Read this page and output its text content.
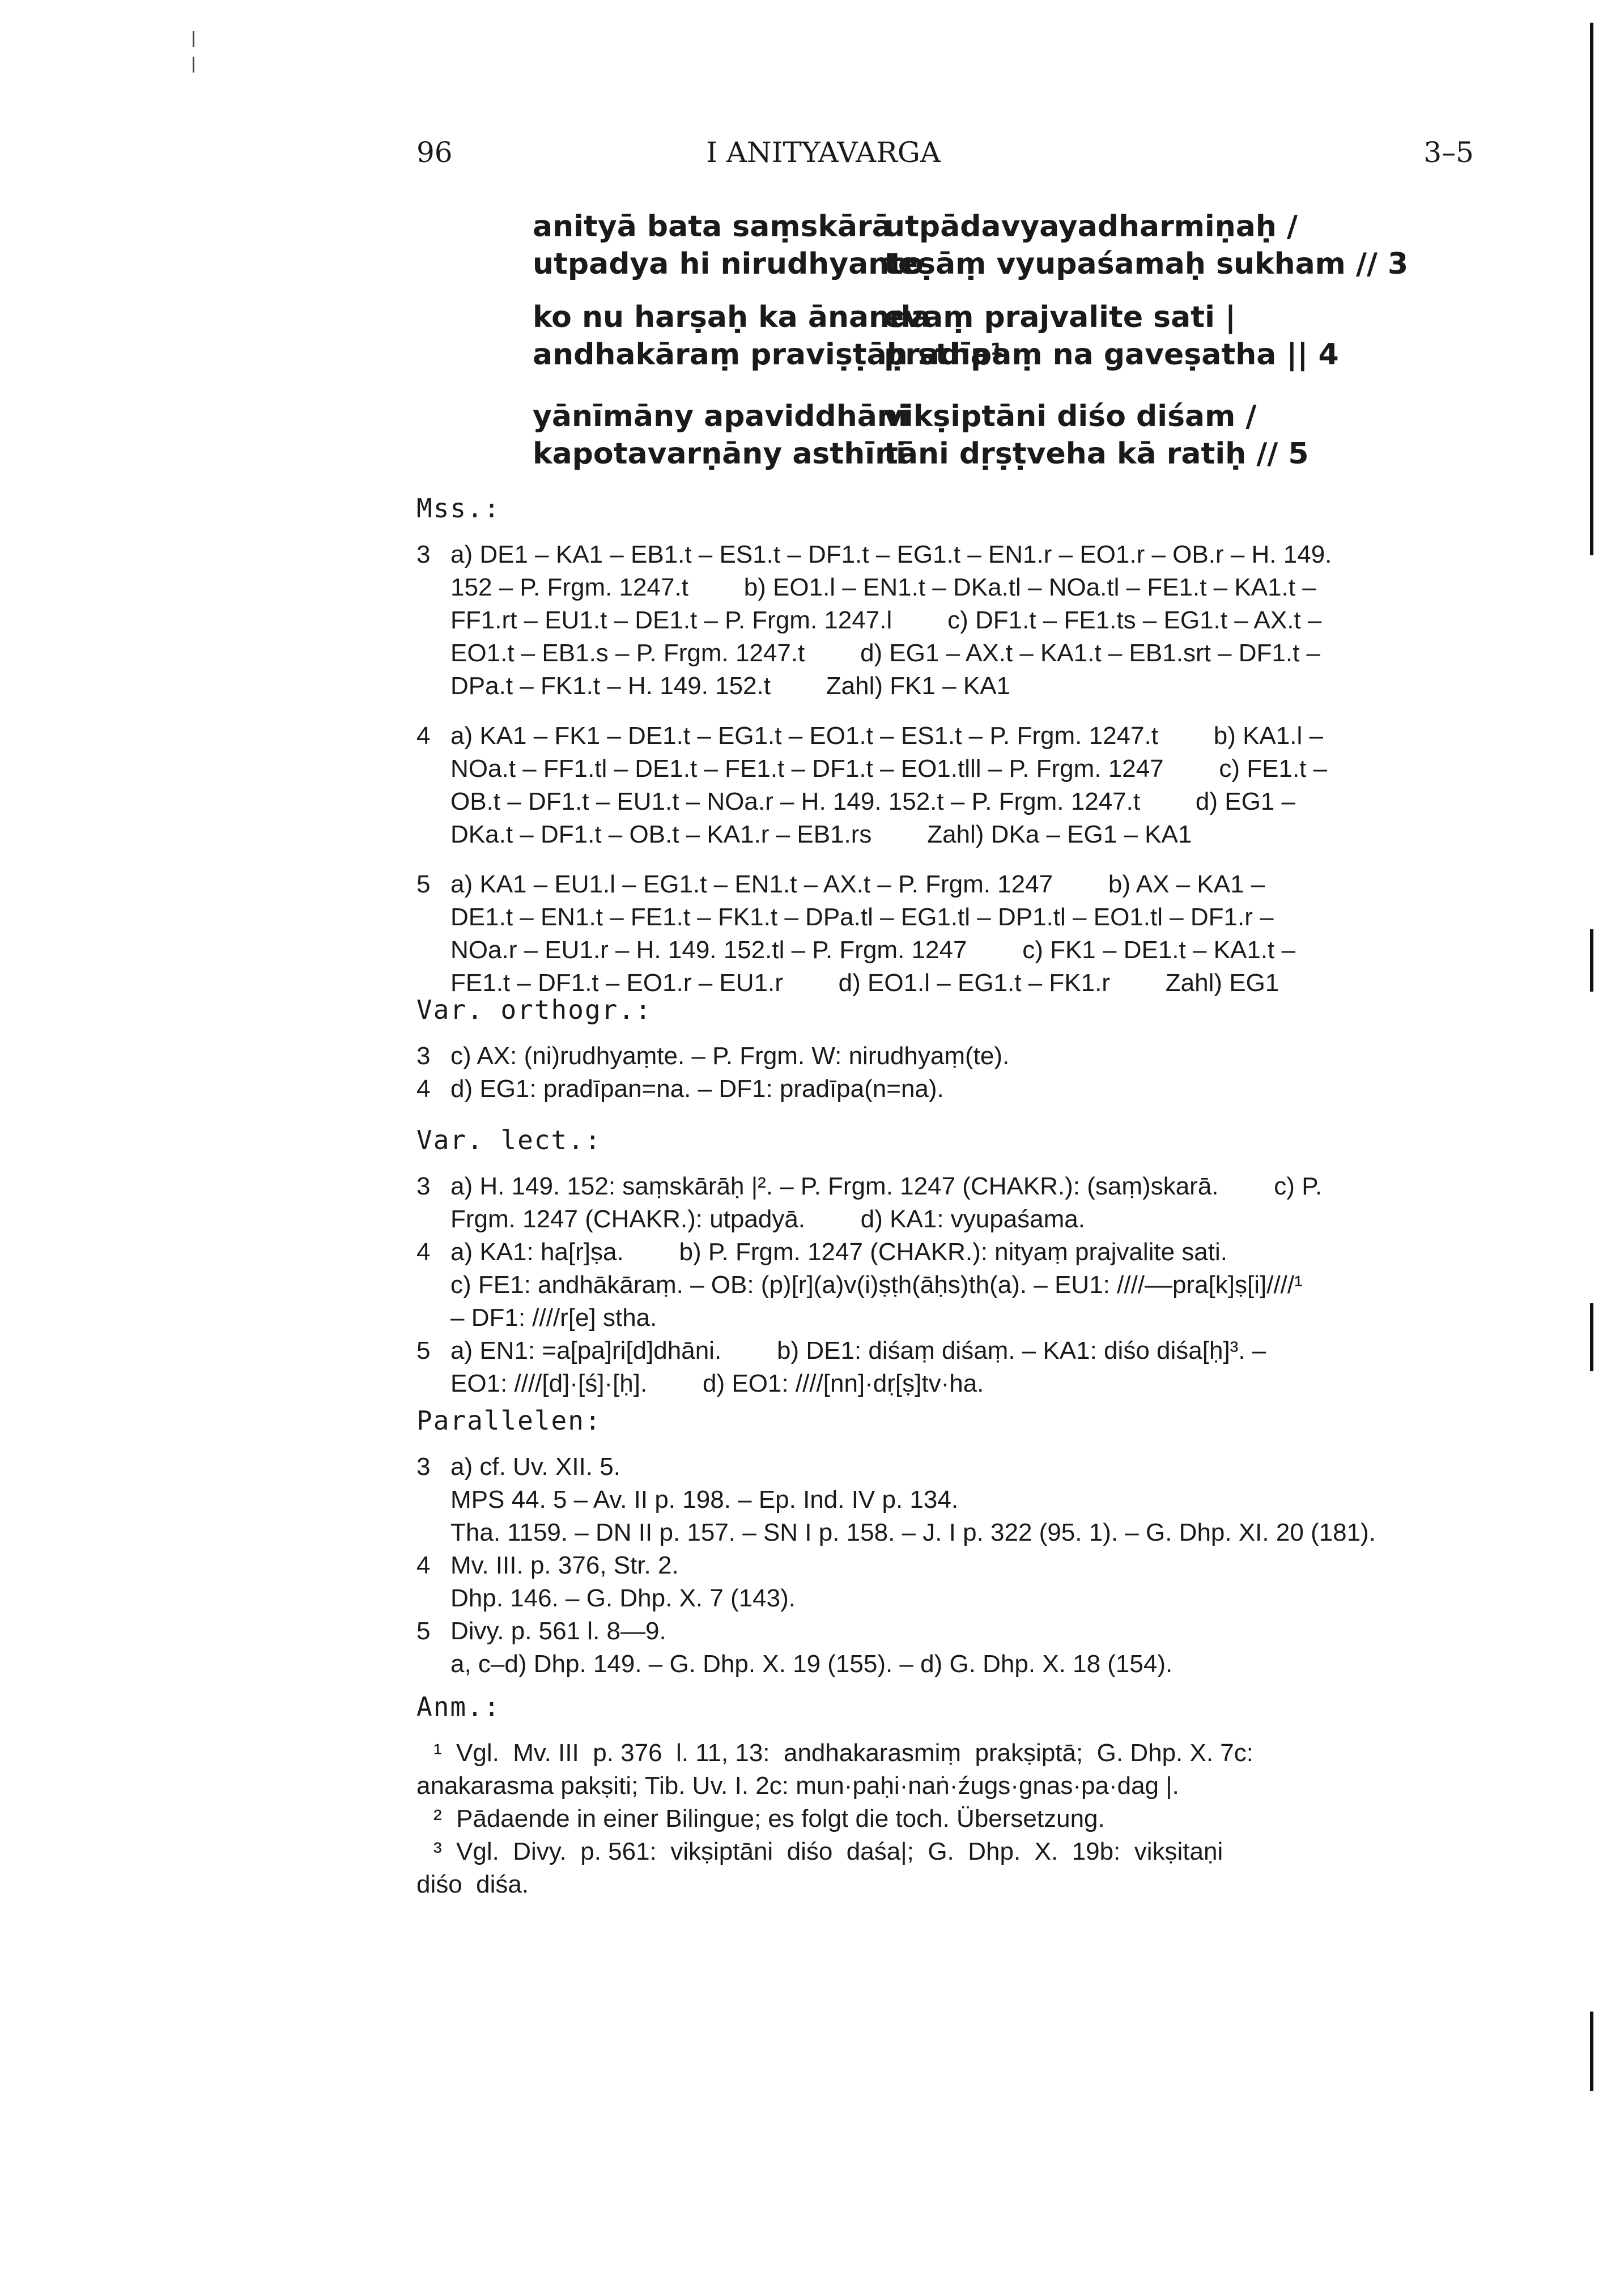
96	I ANITYAVARGA	3–5
anityā bata saṃskārā
utpādavyayadharmiṇaḥ /
utpadya hi nirudhyanto
teṣāṃ vyupaśamaḥ sukham // 3
ko nu harṣaḥ ka ānanda
evaṃ prajvalite sati |
andhakāraṃ praviṣṭāḥ stha¹
pradīpaṃ na gaveṣatha || 4
yānīmāny apaviddhāni
vikṣiptāni diśo diśam /
kapotavarṇāny asthīni
tāni dṛṣṭveha kā ratiḥ // 5
Mss.:
3 a) DE1 – KA1 – EB1.t – ES1.t – DF1.t – EG1.t – EN1.r – EO1.r – OB.r – H. 149.
152 – P. Frgm. 1247.t        b) EO1.l – EN1.t – DKa.tl – NOa.tl – FE1.t – KA1.t –
FF1.rt – EU1.t – DE1.t – P. Frgm. 1247.l        c) DF1.t – FE1.ts – EG1.t – AX.t –
EO1.t – EB1.s – P. Frgm. 1247.t        d) EG1 – AX.t – KA1.t – EB1.srt – DF1.t –
DPa.t – FK1.t – H. 149. 152.t        Zahl) FK1 – KA1
4 a) KA1 – FK1 – DE1.t – EG1.t – EO1.t – ES1.t – P. Frgm. 1247.t        b) KA1.l –
NOa.t – FF1.tl – DE1.t – FE1.t – DF1.t – EO1.tlll – P. Frgm. 1247        c) FE1.t –
OB.t – DF1.t – EU1.t – NOa.r – H. 149. 152.t – P. Frgm. 1247.t        d) EG1 –
DKa.t – DF1.t – OB.t – KA1.r – EB1.rs        Zahl) DKa – EG1 – KA1
5 a) KA1 – EU1.l – EG1.t – EN1.t – AX.t – P. Frgm. 1247        b) AX – KA1 –
DE1.t – EN1.t – FE1.t – FK1.t – DPa.tl – EG1.tl – DP1.tl – EO1.tl – DF1.r –
NOa.r – EU1.r – H. 149. 152.tl – P. Frgm. 1247        c) FK1 – DE1.t – KA1.t –
FE1.t – DF1.t – EO1.r – EU1.r        d) EO1.l – EG1.t – FK1.r        Zahl) EG1
Var. orthogr.:
3 c) AX: (ni)rudhyaṃte. – P. Frgm. W: nirudhyaṃ(te).
4 d) EG1: pradīpan=na. – DF1: pradīpa(n=na).
Var. lect.:
3 a) H. 149. 152: saṃskārāḥ |². – P. Frgm. 1247 (CHAKR.): (saṃ)skarā.        c) P.
Frgm. 1247 (CHAKR.): utpadyā.        d) KA1: vyupaśama.
4 a) KA1: ha[r]ṣa.        b) P. Frgm. 1247 (CHAKR.): nityaṃ prajvalite sati.
c) FE1: andhākāraṃ. – OB: (p)[r](a)v(i)ṣṭh(āḥs)th(a). – EU1: ////––pra[k]ṣ[i]////¹
– DF1: ////r[e] stha.
5 a) EN1: =a[pa]ri[d]dhāni.        b) DE1: diśaṃ diśaṃ. – KA1: diśo diśa[ḥ]³. –
EO1: ////[d]·[ś]·[ḥ].        d) EO1: ////[nn]·dṛ[ṣ]tv·ha.
Parallelen:
3 a) cf. Uv. XII. 5.
MPS 44. 5 – Av. II p. 198. – Ep. Ind. IV p. 134.
Tha. 1159. – DN II p. 157. – SN I p. 158. – J. I p. 322 (95. 1). – G. Dhp. XI. 20 (181).
4 Mv. III. p. 376, Str. 2.
Dhp. 146. – G. Dhp. X. 7 (143).
5 Divy. p. 561 l. 8—9.
a, c–d) Dhp. 149. – G. Dhp. X. 19 (155). – d) G. Dhp. X. 18 (154).
Anm.:
¹ Vgl.  Mv. III  p. 376  l. 11, 13:  andhakarasmiṃ  prakṣiptā;  G. Dhp. X. 7c:
anakarasma pakṣiti; Tib. Uv. I. 2c: mun·paḥi·naṅ·źugs·gnas·pa·dag |.
² Pādaende in einer Bilingue; es folgt die toch. Übersetzung.
³ Vgl.  Divy.  p. 561:  vikṣiptāni  diśo  daśa|;  G.  Dhp.  X.  19b:  vikṣitaṇi
diśo  diśa.
